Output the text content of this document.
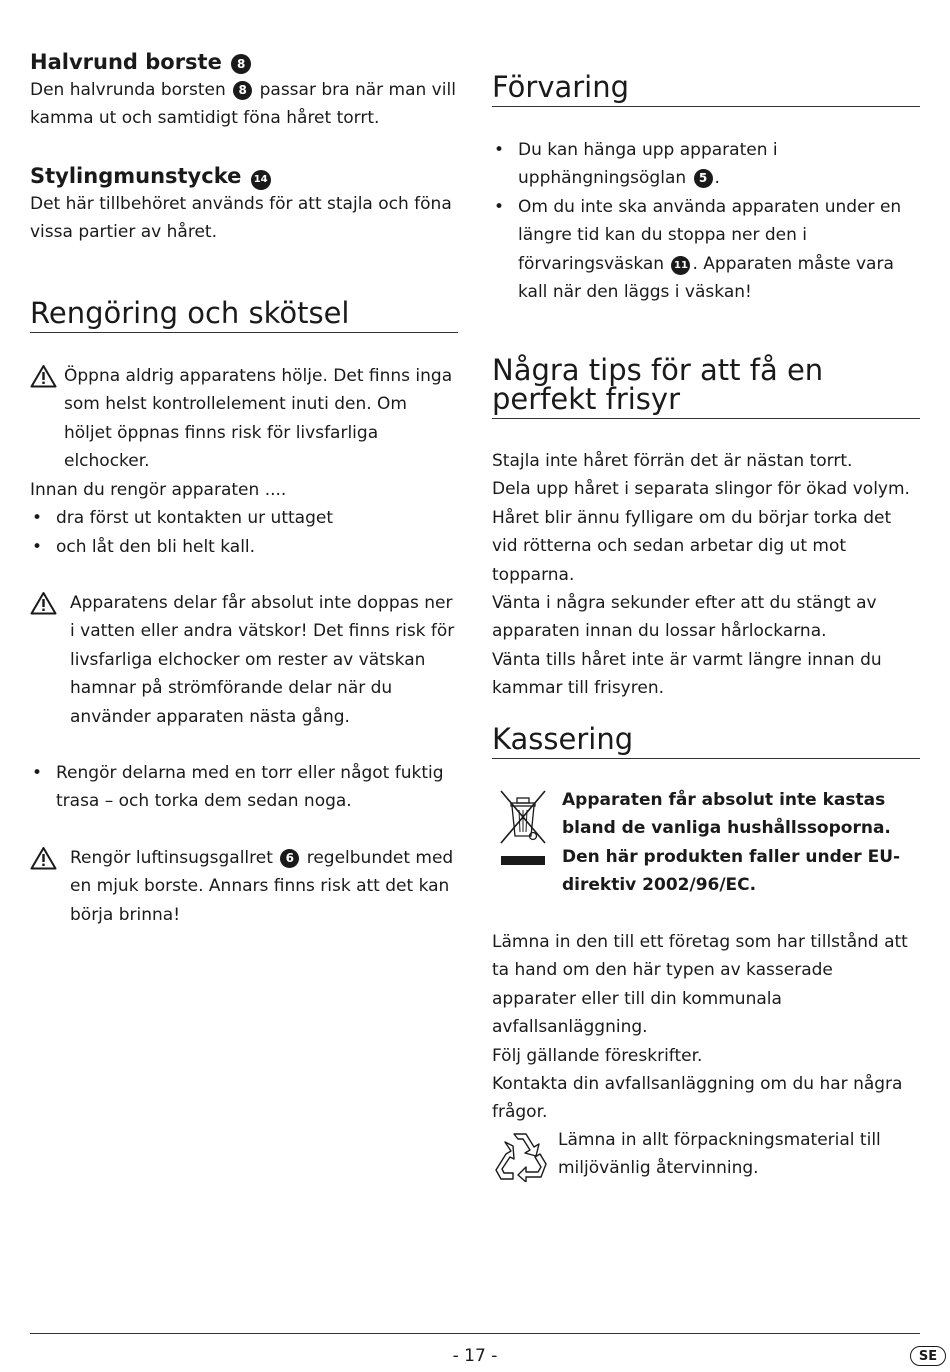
Halvrund borste 8

Den halvrunda borsten 8 passar bra när man vill kamma ut och samtidigt föna håret torrt.

Stylingmunstycke 14

Det här tillbehöret används för att stajla och föna vissa partier av håret.

Rengöring och skötsel

Öppna aldrig apparatens hölje. Det finns inga som helst kontrollelement inuti den. Om höljet öppnas finns risk för livsfarliga elchocker.

Innan du rengör apparaten ....

• dra först ut kontakten ur uttaget

• och låt den bli helt kall.

Apparatens delar får absolut inte doppas ner i vatten eller andra vätskor! Det finns risk för livsfarliga elchocker om rester av vätskan hamnar på strömförande delar när du använder apparaten nästa gång.

• Rengör delarna med en torr eller något fuktig trasa – och torka dem sedan noga.

Rengör luftinsugsgallret 6 regelbundet med en mjuk borste. Annars finns risk att det kan börja brinna!

Förvaring

• Du kan hänga upp apparaten i upphängningsöglan 5 .

• Om du inte ska använda apparaten under en längre tid kan du stoppa ner den i förvaringsväskan 11 . Apparaten måste vara kall när den läggs i väskan!

Några tips för att få en perfekt frisyr

Stajla inte håret förrän det är nästan torrt.

Dela upp håret i separata slingor för ökad volym.

Håret blir ännu fylligare om du börjar torka det vid rötterna och sedan arbetar dig ut mot topparna.

Vänta i några sekunder efter att du stängt av apparaten innan du lossar hårlockarna.

Vänta tills håret inte är varmt längre innan du kammar till frisyren.

Kassering

Apparaten får absolut inte kastas bland de vanliga hushållssoporna. Den här produkten faller under EU-direktiv 2002/96/EC.

Lämna in den till ett företag som har tillstånd att ta hand om den här typen av kasserade apparater eller till din kommunala avfallsanläggning.

Följ gällande föreskrifter.

Kontakta din avfallsanläggning om du har några frågor.

Lämna in allt förpackningsmaterial till miljövänlig återvinning.

- 17 -	SE
